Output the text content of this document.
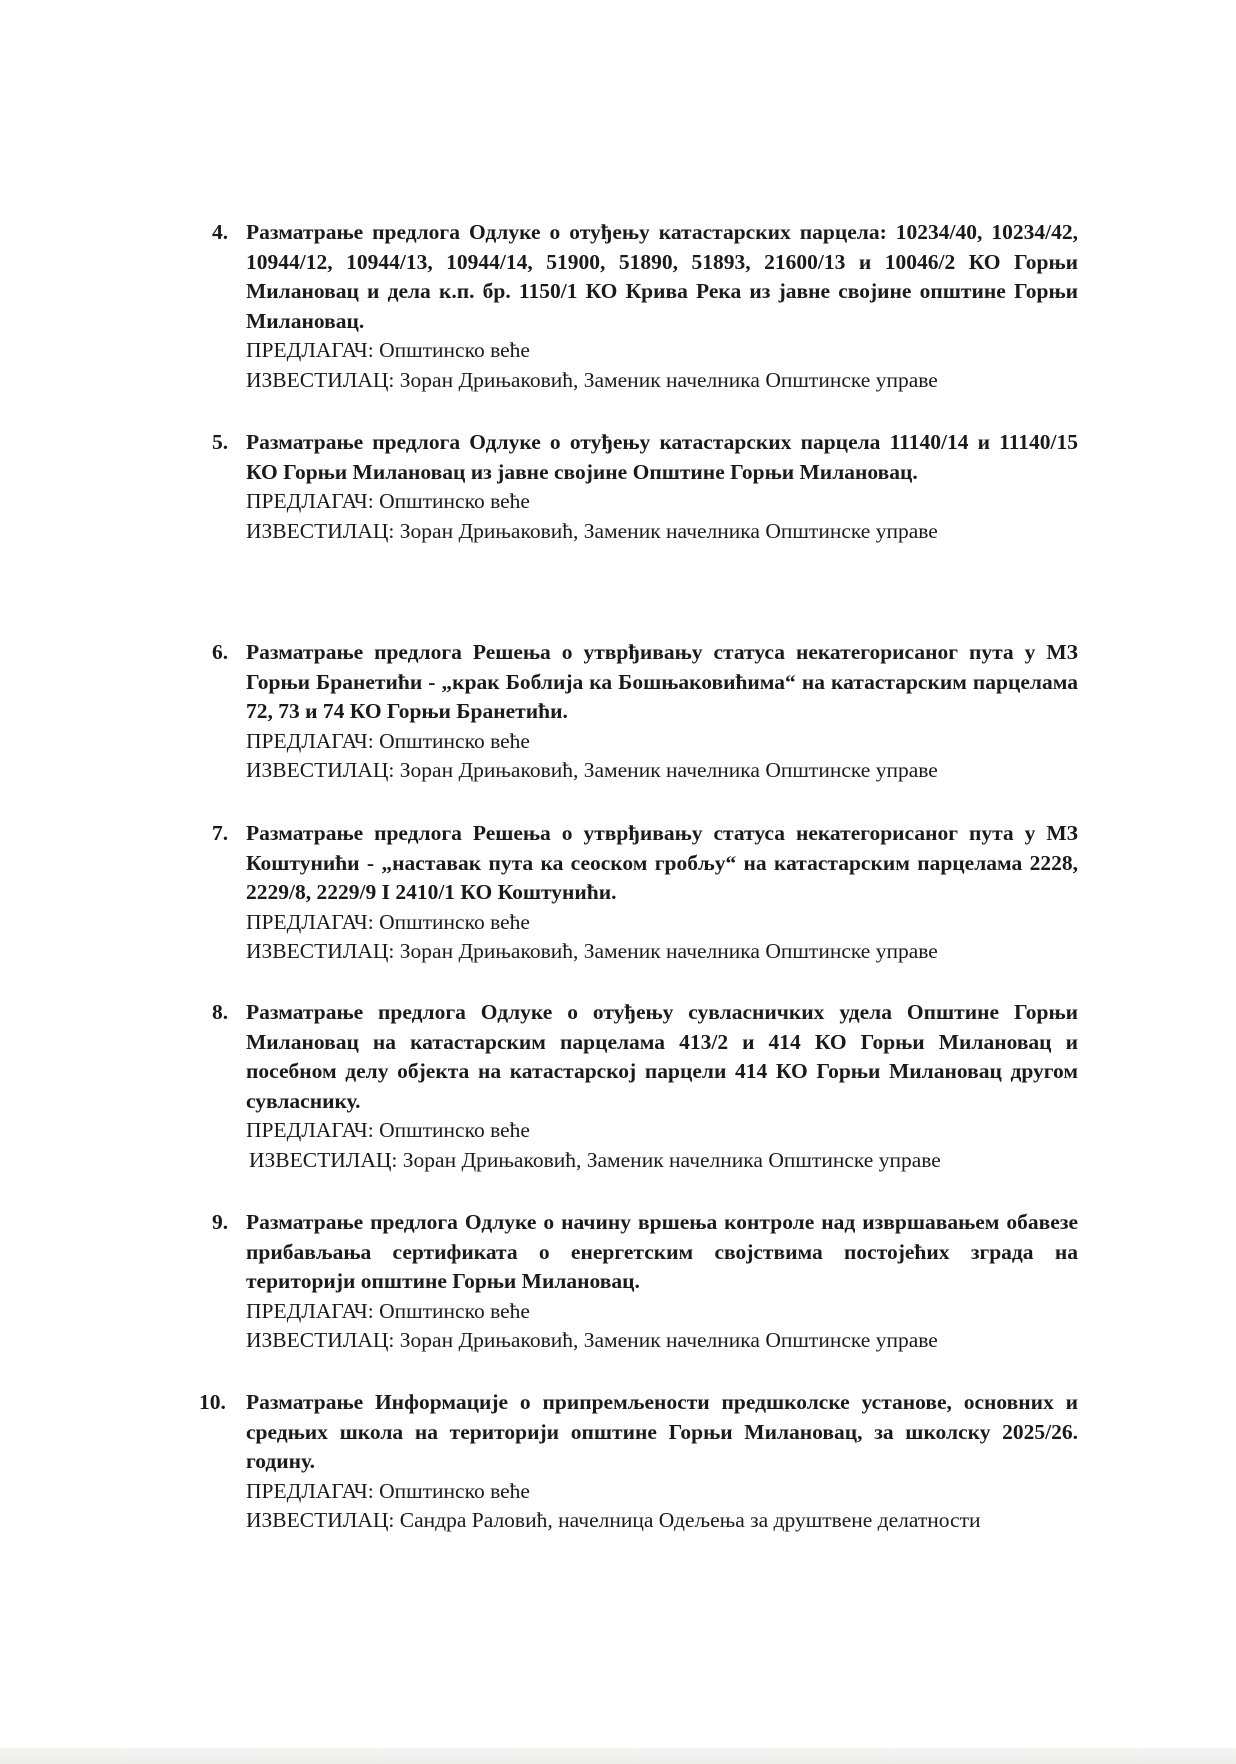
4. Разматрање предлога Одлуке о отуђењу катастарских парцела: 10234/40, 10234/42, 10944/12, 10944/13, 10944/14, 51900, 51890, 51893, 21600/13 и 10046/2 КО Горњи Милановац и дела к.п. бр. 1150/1 КО Крива Река из јавне својине општине Горњи Милановац.

ПРЕДЛАГАЧ: Општинско веће

ИЗВЕСТИЛАЦ: Зоран Дрињаковић, Заменик начелника Општинске управе

5. Разматрање предлога Одлуке о отуђењу катастарских парцела 11140/14 и 11140/15 КО Горњи Милановац из јавне својине Општине Горњи Милановац.

ПРЕДЛАГАЧ: Општинско веће

ИЗВЕСТИЛАЦ: Зоран Дрињаковић, Заменик начелника Општинске управе

6. Разматрање предлога Решења о утврђивању статуса некатегорисаног пута у МЗ Горњи Бранетићи - „крак Боблија ка Бошњаковићима“ на катастарским парцелама 72, 73 и 74 КО Горњи Бранетићи.

ПРЕДЛАГАЧ: Општинско веће

ИЗВЕСТИЛАЦ: Зоран Дрињаковић, Заменик начелника Општинске управе

7. Разматрање предлога Решења о утврђивању статуса некатегорисаног пута у МЗ Коштунићи - „наставак пута ка сеоском гробљу“ на катастарским парцелама 2228, 2229/8, 2229/9 I 2410/1 КО Коштунићи.

ПРЕДЛАГАЧ: Општинско веће

ИЗВЕСТИЛАЦ: Зоран Дрињаковић, Заменик начелника Општинске управе

8. Разматрање предлога Одлуке о отуђењу сувласничких удела Општине Горњи Милановац на катастарским парцелама 413/2 и 414 КО Горњи Милановац и посебном делу објекта на катастарској парцели 414 КО Горњи Милановац другом сувласнику.

ПРЕДЛАГАЧ: Општинско веће

ИЗВЕСТИЛАЦ: Зоран Дрињаковић, Заменик начелника Општинске управе

9. Разматрање предлога Одлуке о начину вршења контроле над извршавањем обавезе прибављања сертификата о енергетским својствима постојећих зграда на територији општине Горњи Милановац.

ПРЕДЛАГАЧ: Општинско веће

ИЗВЕСТИЛАЦ: Зоран Дрињаковић, Заменик начелника Општинске управе

10. Разматрање Информације о припремљености предшколске установе, основних и средњих школа на територији општине Горњи Милановац, за школску 2025/26. годину.

ПРЕДЛАГАЧ: Општинско веће

ИЗВЕСТИЛАЦ: Сандра Раловић, начелница Одељења за друштвене делатности
